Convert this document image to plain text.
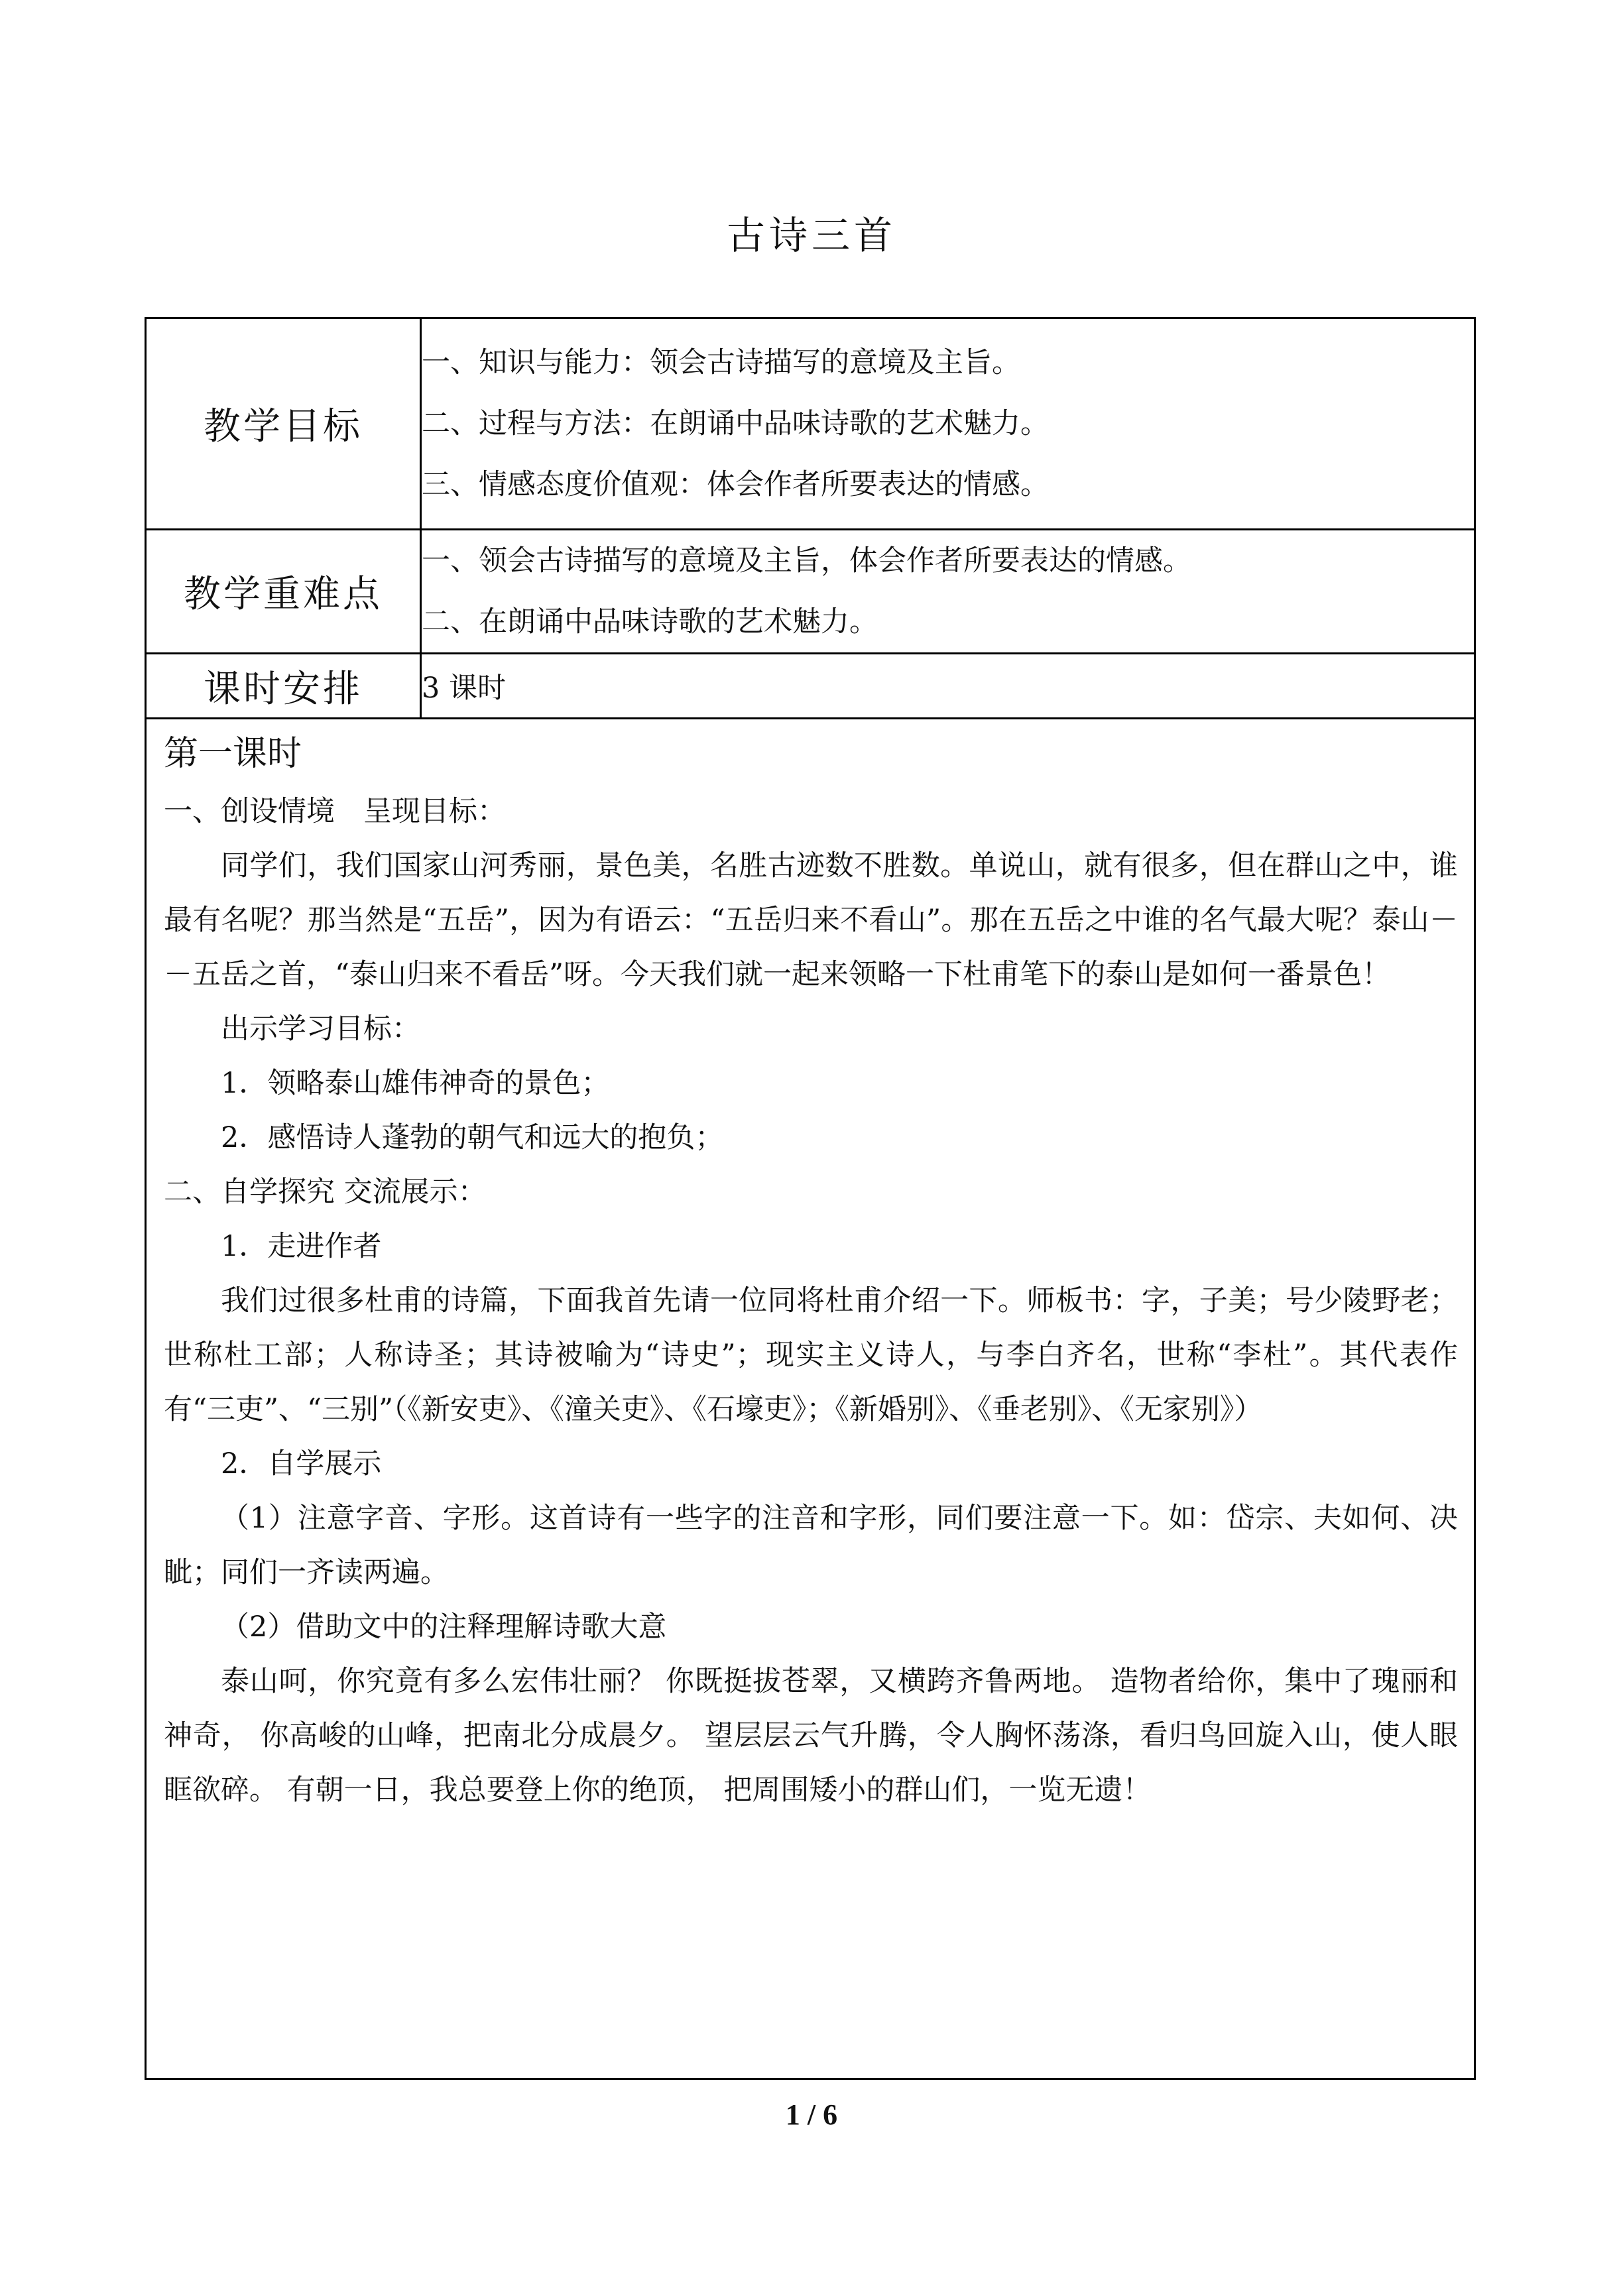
古诗三首
教学目标	一、知识与能力：领会古诗描写的意境及主旨。
二、过程与方法：在朗诵中品味诗歌的艺术魅力。
三、情感态度价值观：体会作者所要表达的情感。

教学重难点	一、领会古诗描写的意境及主旨，体会作者所要表达的情感。
二、在朗诵中品味诗歌的艺术魅力。

课时安排	3 课时
第一课时
一、创设情境　呈现目标：
同学们，我们国家山河秀丽，景色美，名胜古迹数不胜数。单说山，就有很多，但在群山之中，谁最有名呢？那当然是“五岳”，因为有语云：“五岳归来不看山”。那在五岳之中谁的名气最大呢？泰山－－五岳之首，“泰山归来不看岳”呀。今天我们就一起来领略一下杜甫笔下的泰山是如何一番景色！
出示学习目标：
1．领略泰山雄伟神奇的景色；
2．感悟诗人蓬勃的朝气和远大的抱负；
二、自学探究 交流展示：
1．走进作者
我们过很多杜甫的诗篇，下面我首先请一位同将杜甫介绍一下。师板书：字，子美；号少陵野老；世称杜工部；人称诗圣；其诗被喻为“诗史”；现实主义诗人，与李白齐名，世称“李杜”。其代表作有“三吏”、“三别”（《新安吏》、《潼关吏》、《石壕吏》；《新婚别》、《垂老别》、《无家别》）
2．自学展示
（1）注意字音、字形。这首诗有一些字的注音和字形，同们要注意一下。如：岱宗、夫如何、决眦；同们一齐读两遍。
（2）借助文中的注释理解诗歌大意
泰山呵，你究竟有多么宏伟壮丽？ 你既挺拔苍翠，又横跨齐鲁两地。 造物者给你，集中了瑰丽和神奇， 你高峻的山峰，把南北分成晨夕。 望层层云气升腾，令人胸怀荡涤，看归鸟回旋入山，使人眼眶欲碎。 有朝一日，我总要登上你的绝顶， 把周围矮小的群山们，一览无遗！
1 / 6
